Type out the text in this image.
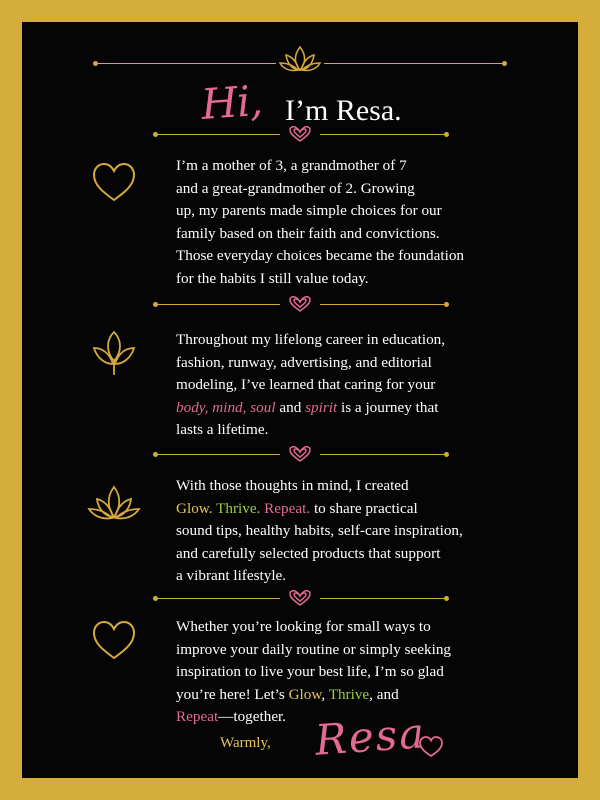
Hi, I’m Resa.
I’m a mother of 3, a grandmother of 7
and a great-grandmother of 2. Growing
up, my parents made simple choices for our
family based on their faith and convictions.
Those everyday choices became the foundation
for the habits I still value today.
Throughout my lifelong career in education,
fashion, runway, advertising, and editorial
modeling, I’ve learned that caring for your
body, mind, soul and spirit is a journey that
lasts a lifetime.
With those thoughts in mind, I created
Glow. Thrive. Repeat. to share practical
sound tips, healthy habits, self-care inspiration,
and carefully selected products that support
a vibrant lifestyle.
Whether you’re looking for small ways to
improve your daily routine or simply seeking
inspiration to live your best life, I’m so glad
you’re here! Let’s Glow, Thrive, and
Repeat—together.
Warmly, Resa
